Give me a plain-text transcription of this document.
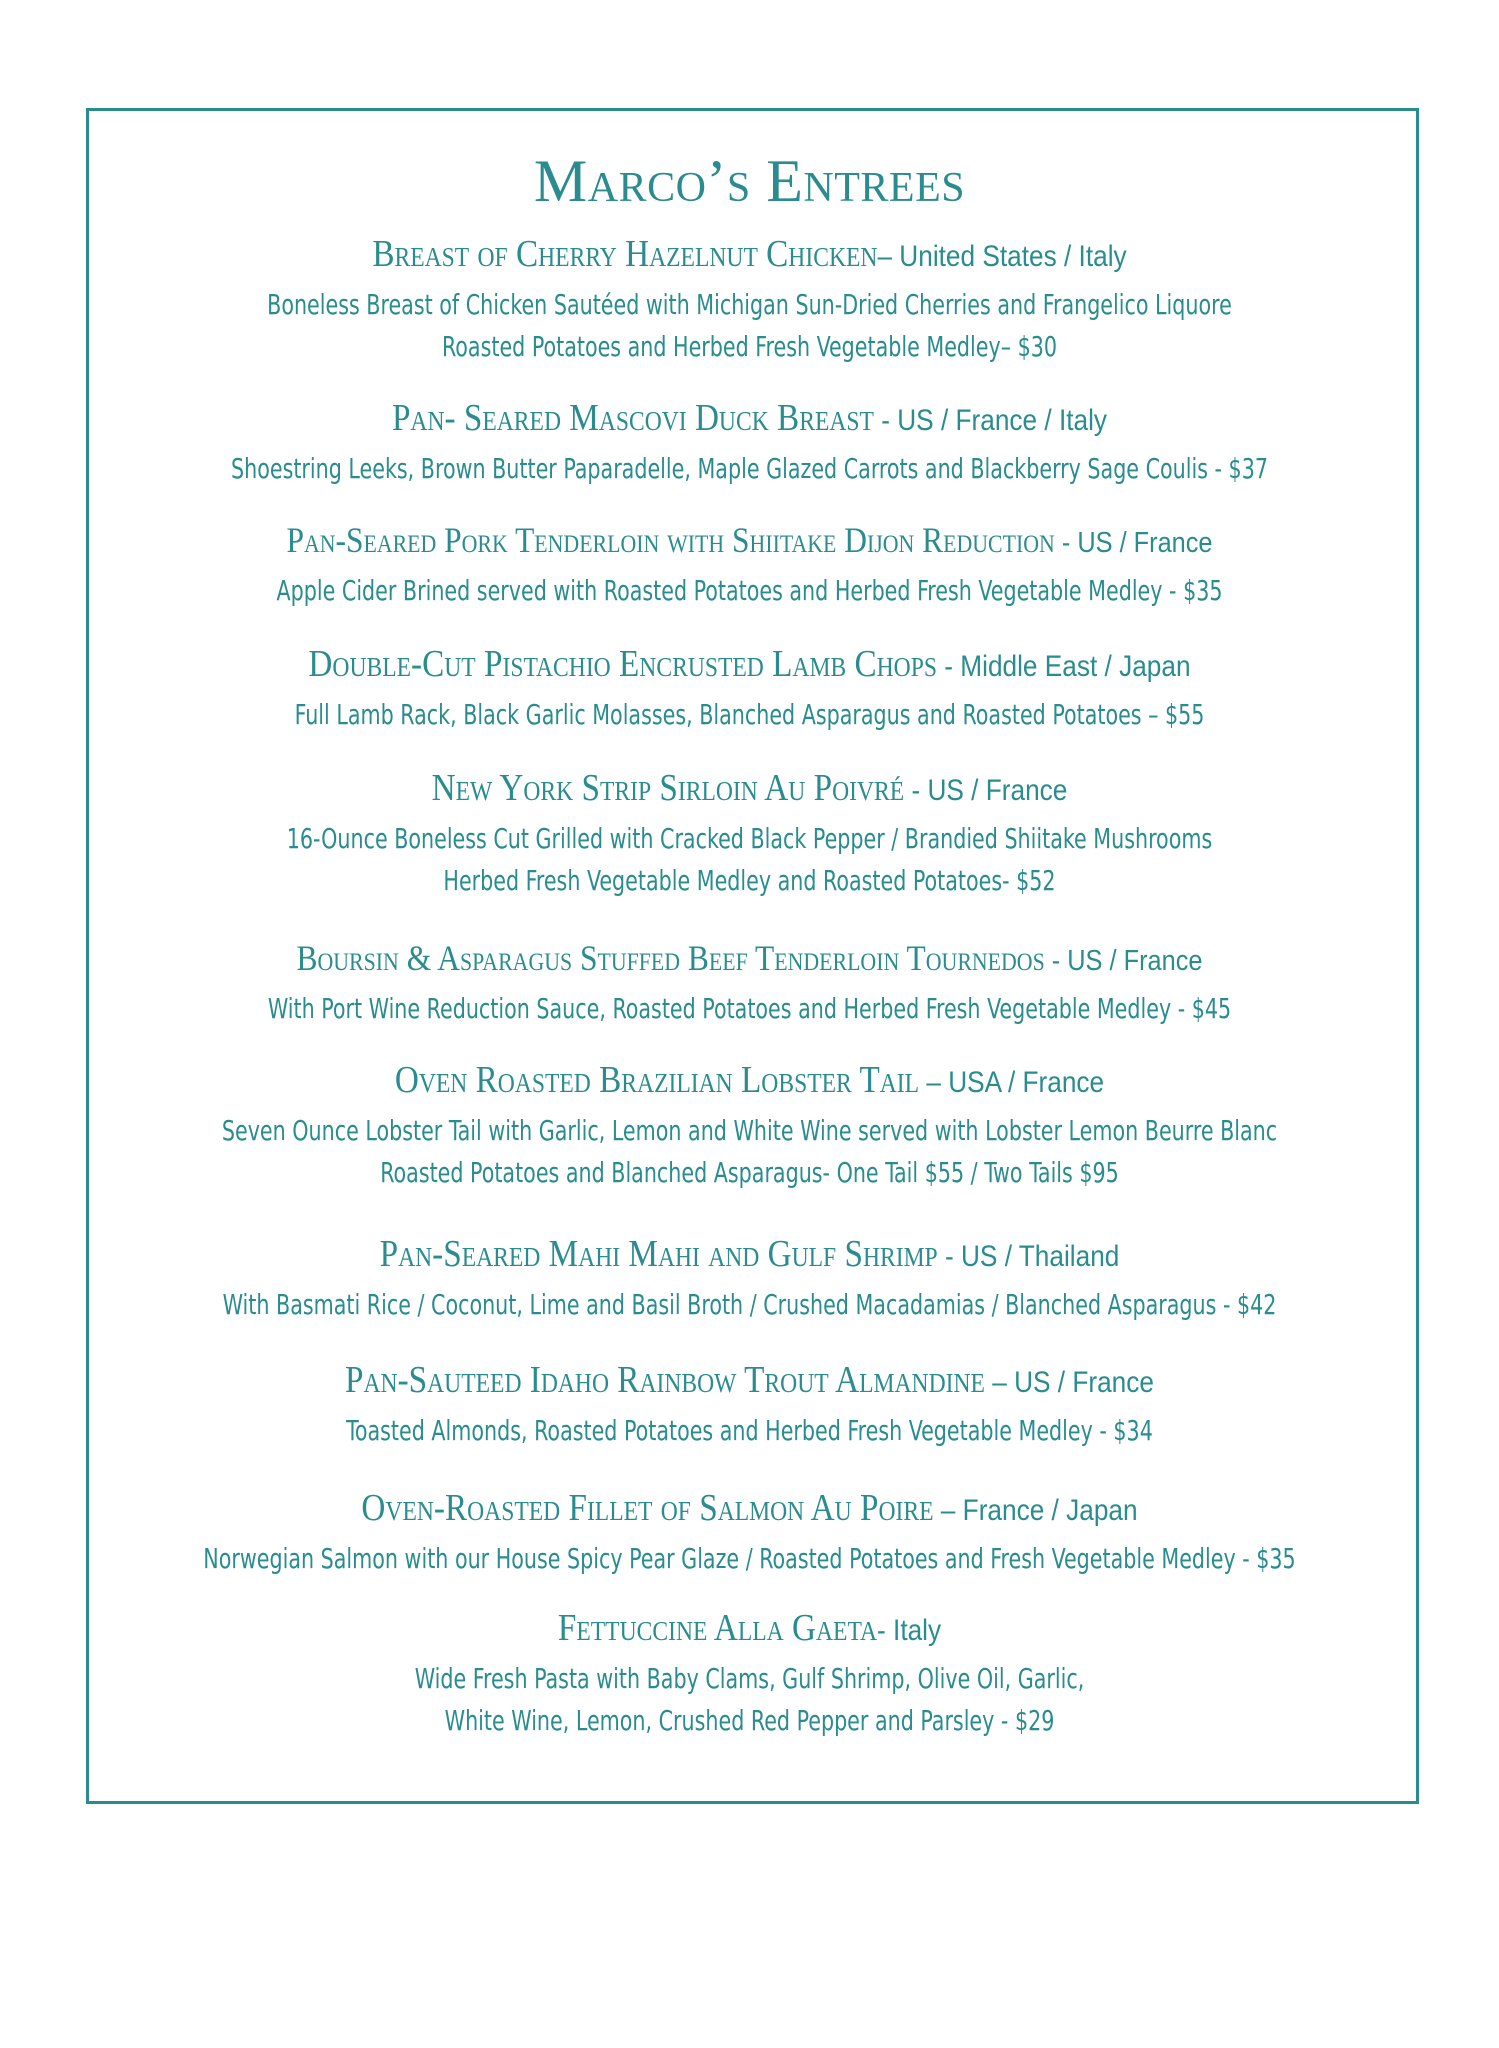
Marco’s Entrees
Breast of Cherry Hazelnut Chicken– United States / Italy
Boneless Breast of Chicken Sautéed with Michigan Sun-Dried Cherries and Frangelico Liquore
Roasted Potatoes and Herbed Fresh Vegetable Medley– $30
Pan- Seared Mascovi Duck Breast - US / France / Italy
Shoestring Leeks, Brown Butter Paparadelle, Maple Glazed Carrots and Blackberry Sage Coulis - $37
Pan-Seared Pork Tenderloin with Shiitake Dijon Reduction - US / France
Apple Cider Brined served with Roasted Potatoes and Herbed Fresh Vegetable Medley - $35
Double-Cut Pistachio Encrusted Lamb Chops - Middle East / Japan
Full Lamb Rack, Black Garlic Molasses, Blanched Asparagus and Roasted Potatoes – $55
New York Strip Sirloin Au Poivré - US / France
16-Ounce Boneless Cut Grilled with Cracked Black Pepper / Brandied Shiitake Mushrooms
Herbed Fresh Vegetable Medley and Roasted Potatoes- $52
Boursin & Asparagus Stuffed Beef Tenderloin Tournedos - US / France
With Port Wine Reduction Sauce, Roasted Potatoes and Herbed Fresh Vegetable Medley - $45
Oven Roasted Brazilian Lobster Tail – USA / France
Seven Ounce Lobster Tail with Garlic, Lemon and White Wine served with Lobster Lemon Beurre Blanc
Roasted Potatoes and Blanched Asparagus- One Tail $55 / Two Tails $95
Pan-Seared Mahi Mahi and Gulf Shrimp - US / Thailand
With Basmati Rice / Coconut, Lime and Basil Broth / Crushed Macadamias / Blanched Asparagus - $42
Pan-Sauteed Idaho Rainbow Trout Almandine – US / France
Toasted Almonds, Roasted Potatoes and Herbed Fresh Vegetable Medley - $34
Oven-Roasted Fillet of Salmon Au Poire – France / Japan
Norwegian Salmon with our House Spicy Pear Glaze / Roasted Potatoes and Fresh Vegetable Medley - $35
Fettuccine Alla Gaeta- Italy
Wide Fresh Pasta with Baby Clams, Gulf Shrimp, Olive Oil, Garlic,
White Wine, Lemon, Crushed Red Pepper and Parsley - $29
